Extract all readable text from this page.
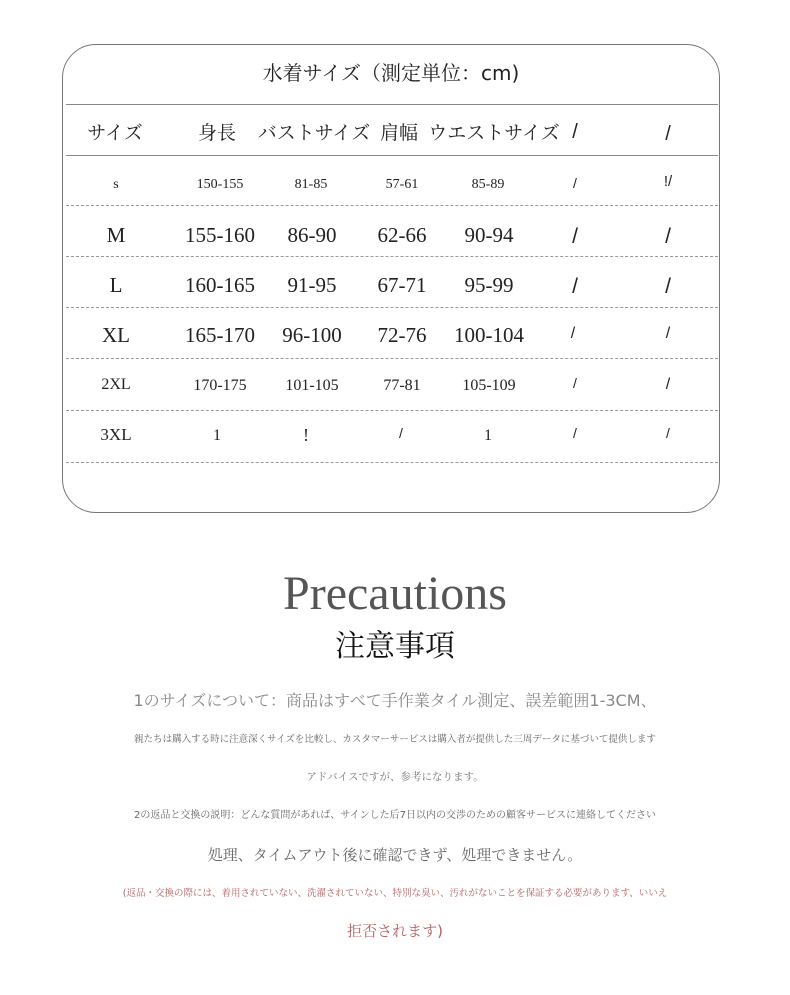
水着サイズ（測定単位：cm)
サイズ	身長 バストサイズ 肩幅 ウエストサイズ /	/
s	150-155	81-85	57-61	85-89	/	!/
M	155-160 86-90 62-66 90-94	/	/
L	160-165 91-95 67-71 95-99	/	/
XL	165-170 96-100 72-76 100-104	/	/
2XL	170-175 101-105	77-81	105-109	/	/
3XL	1	!	/	1	/	/
Precautions
注意事項
1のサイズについて：商品はすべて手作業タイル測定、誤差範囲1-3CM、
親たちは購入する時に注意深くサイズを比較し、カスタマーサービスは購入者が提供した三周データに基づいて提供します
アドバイスですが、参考になります。
2の返品と交換の説明：どんな質問があれば、サインした后7日以内の交渉のための顧客サービスに連絡してください
処理、タイムアウト後に確認できず、処理できません。
(返品・交換の際には、着用されていない、洗濯されていない、特別な臭い、汚れがないことを保証する必要があります、いいえ
拒否されます)
